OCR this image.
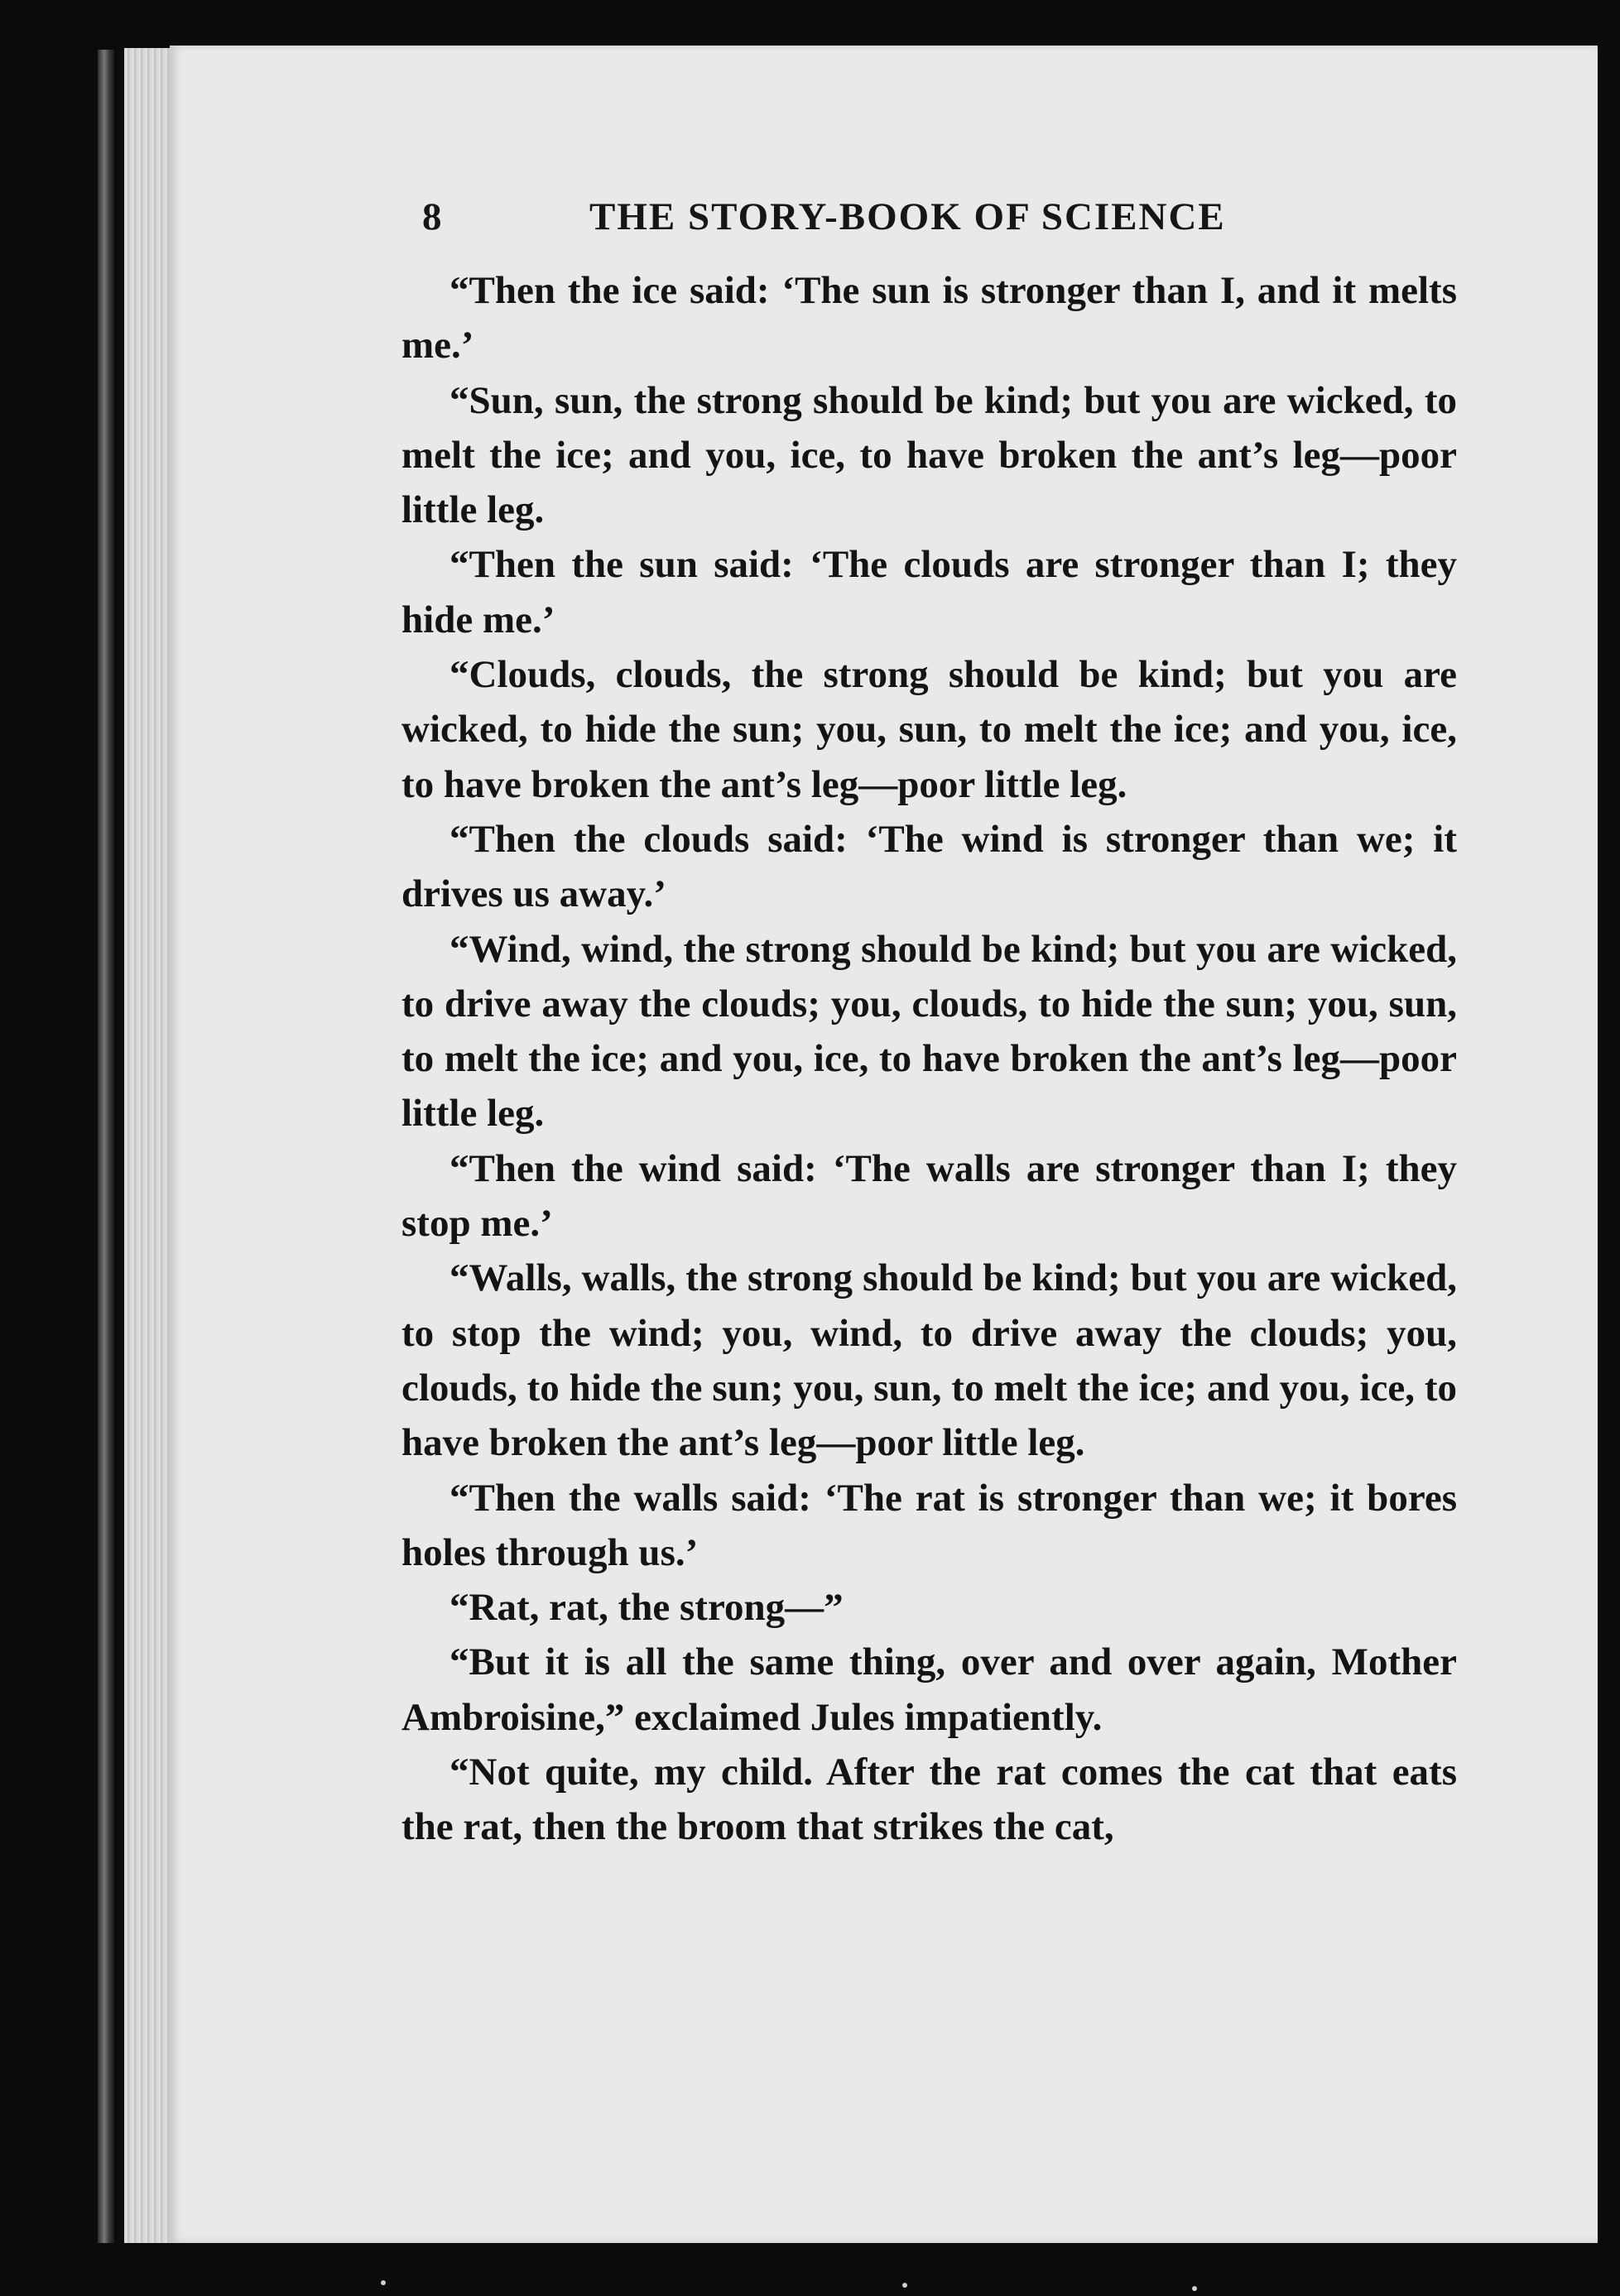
8	THE STORY-BOOK OF SCIENCE

“Then the ice said: ‘The sun is stronger than I, and it melts me.’

“Sun, sun, the strong should be kind; but you are wicked, to melt the ice; and you, ice, to have broken the ant’s leg—poor little leg.

“Then the sun said: ‘The clouds are stronger than I; they hide me.’

“Clouds, clouds, the strong should be kind; but you are wicked, to hide the sun; you, sun, to melt the ice; and you, ice, to have broken the ant’s leg—poor little leg.

“Then the clouds said: ‘The wind is stronger than we; it drives us away.’

“Wind, wind, the strong should be kind; but you are wicked, to drive away the clouds; you, clouds, to hide the sun; you, sun, to melt the ice; and you, ice, to have broken the ant’s leg—poor little leg.

“Then the wind said: ‘The walls are stronger than I; they stop me.’

“Walls, walls, the strong should be kind; but you are wicked, to stop the wind; you, wind, to drive away the clouds; you, clouds, to hide the sun; you, sun, to melt the ice; and you, ice, to have broken the ant’s leg—poor little leg.

“Then the walls said: ‘The rat is stronger than we; it bores holes through us.’

“Rat, rat, the strong—”

“But it is all the same thing, over and over again, Mother Ambroisine,” exclaimed Jules impatiently.

“Not quite, my child. After the rat comes the cat that eats the rat, then the broom that strikes the cat,
